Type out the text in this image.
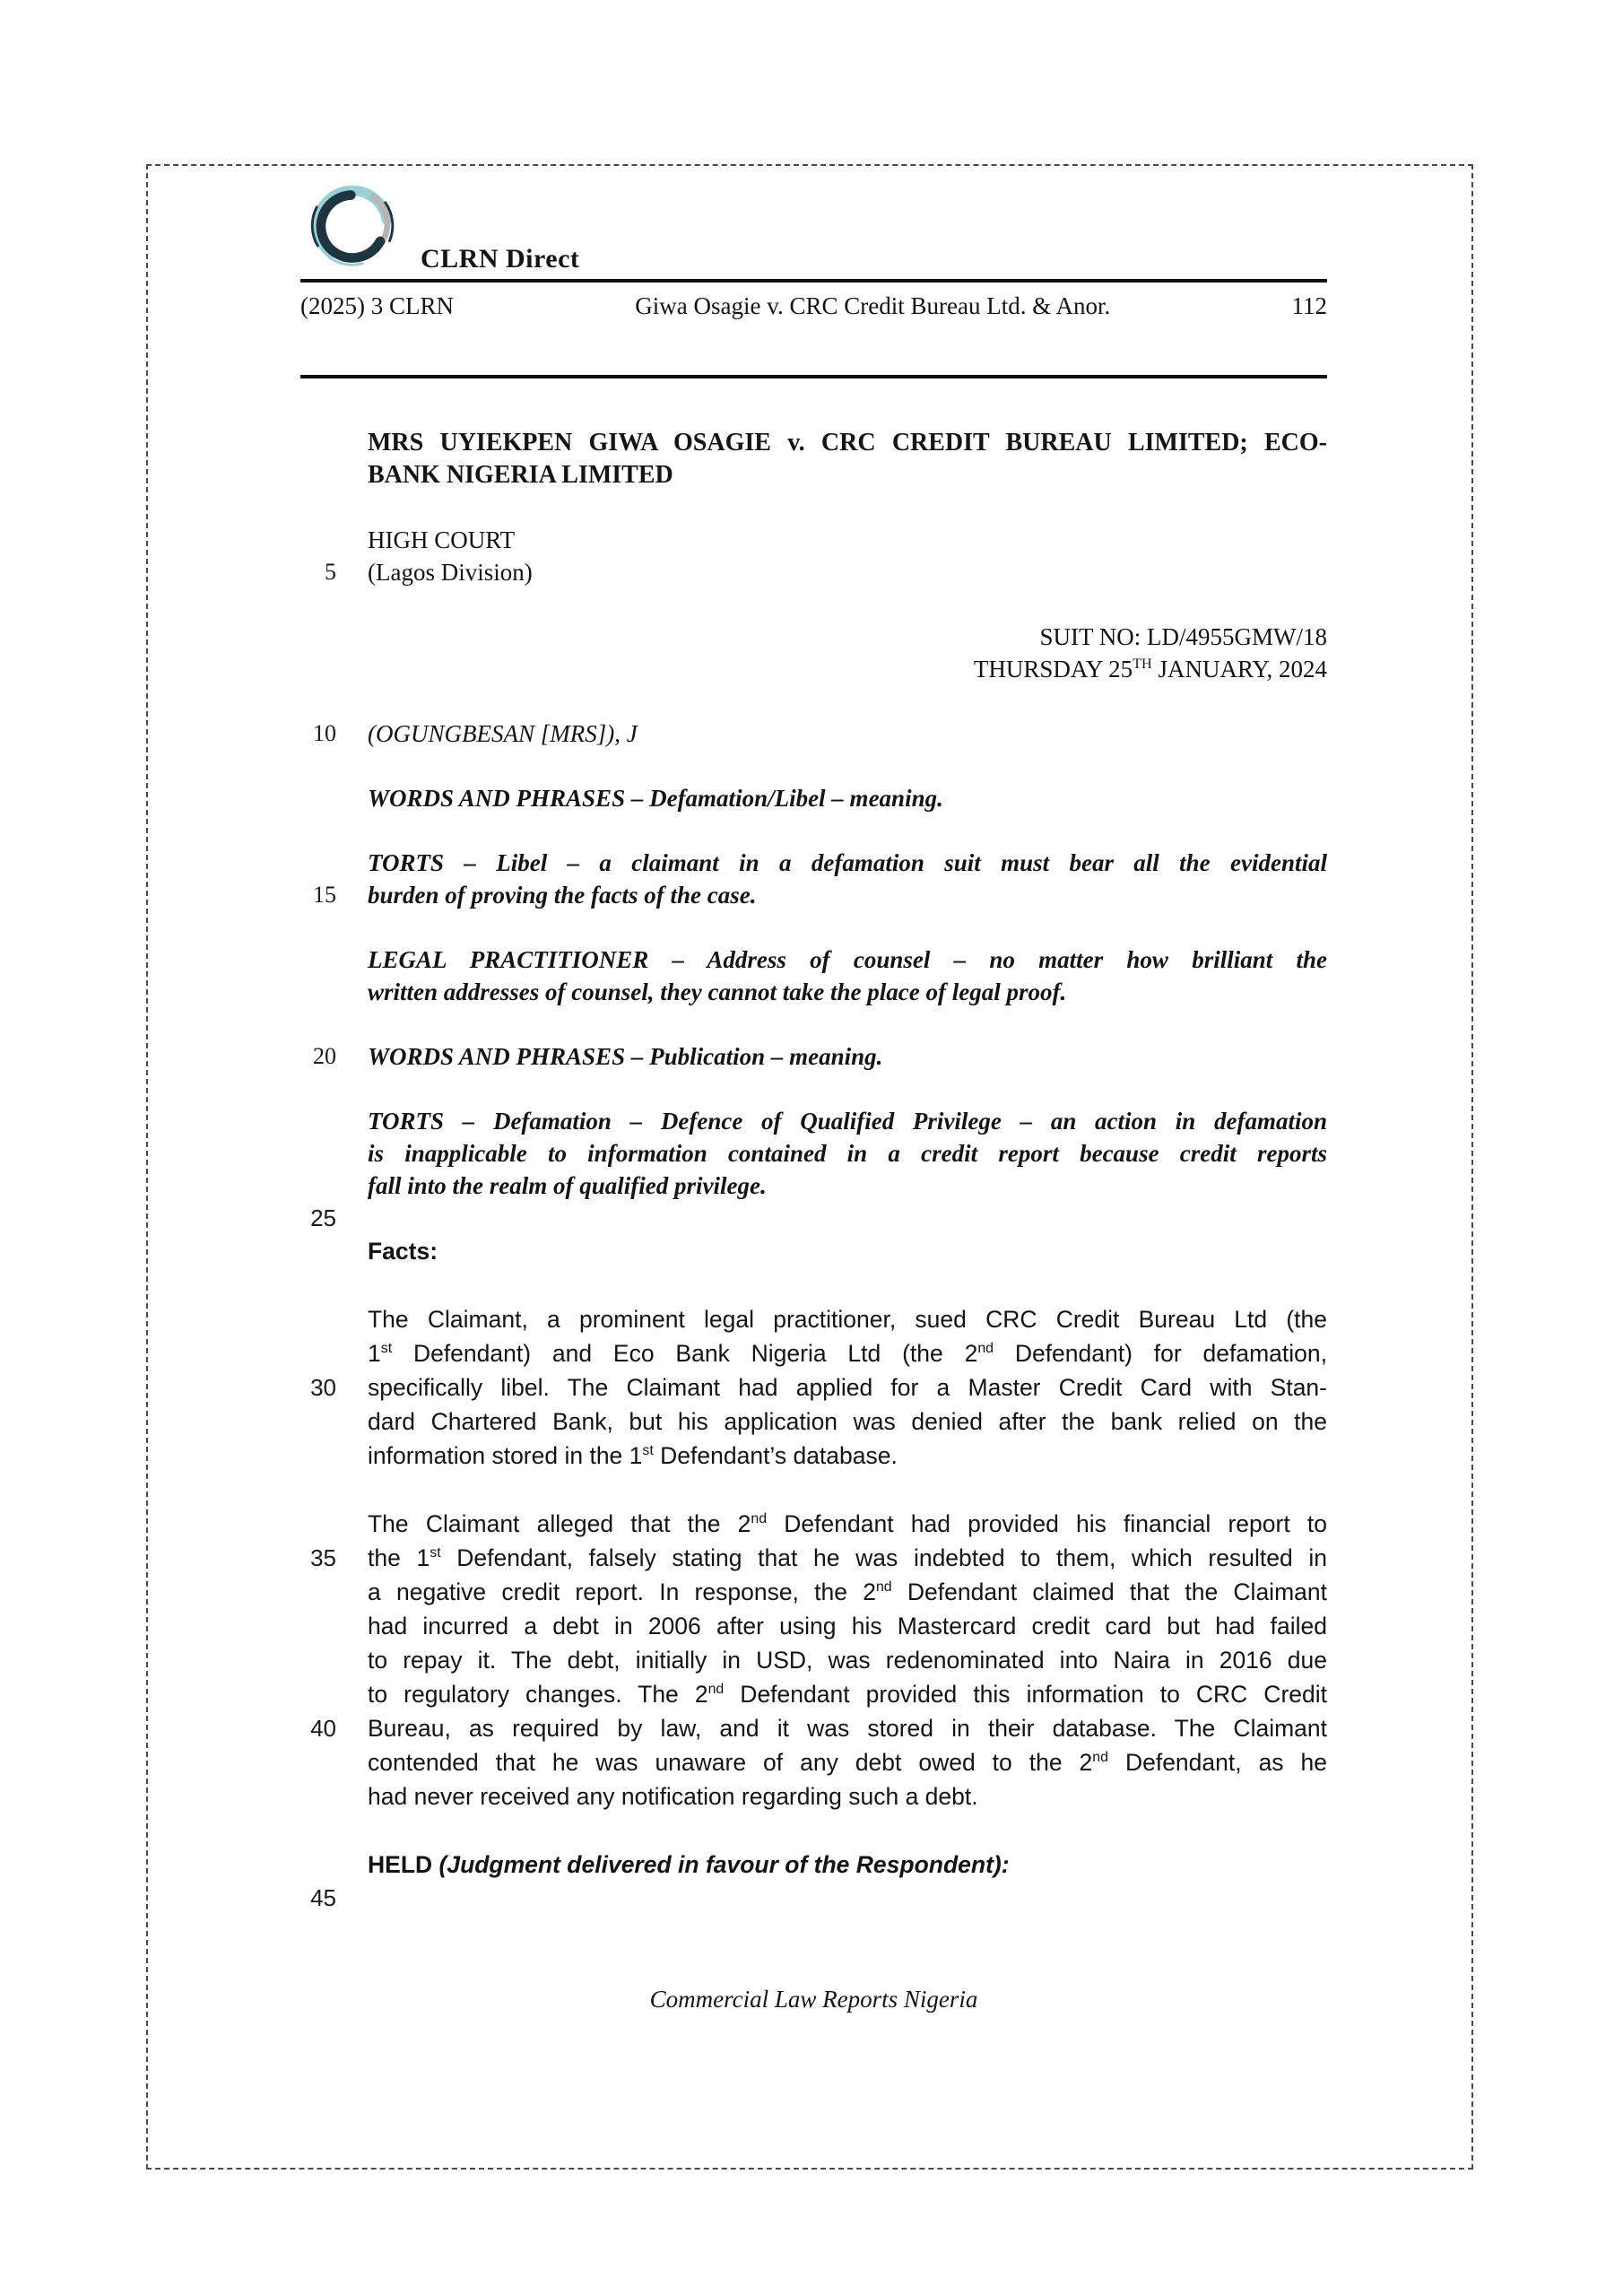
CLRN Direct
(2025) 3 CLRN	Giwa Osagie v. CRC Credit Bureau Ltd. & Anor.	112
MRS UYIEKPEN GIWA OSAGIE v. CRC CREDIT BUREAU LIMITED; ECO-
BANK NIGERIA LIMITED
HIGH COURT
5 (Lagos Division)
SUIT NO: LD/4955GMW/18
THURSDAY 25TH JANUARY, 2024
10 (OGUNGBESAN [MRS]), J
WORDS AND PHRASES – Defamation/Libel – meaning.
TORTS – Libel – a claimant in a defamation suit must bear all the evidential
15 burden of proving the facts of the case.
LEGAL PRACTITIONER – Address of counsel – no matter how brilliant the
written addresses of counsel, they cannot take the place of legal proof.
20 WORDS AND PHRASES – Publication – meaning.
TORTS – Defamation – Defence of Qualified Privilege – an action in defamation
is inapplicable to information contained in a credit report because credit reports
fall into the realm of qualified privilege.
25

Facts:
The Claimant, a prominent legal practitioner, sued CRC Credit Bureau Ltd (the
1st Defendant) and Eco Bank Nigeria Ltd (the 2nd Defendant) for defamation,
30 specifically libel. The Claimant had applied for a Master Credit Card with Stan-
dard Chartered Bank, but his application was denied after the bank relied on the
information stored in the 1st Defendant’s database.
The Claimant alleged that the 2nd Defendant had provided his financial report to
35 the 1st Defendant, falsely stating that he was indebted to them, which resulted in
a negative credit report. In response, the 2nd Defendant claimed that the Claimant
had incurred a debt in 2006 after using his Mastercard credit card but had failed
to repay it. The debt, initially in USD, was redenominated into Naira in 2016 due
to regulatory changes. The 2nd Defendant provided this information to CRC Credit
40 Bureau, as required by law, and it was stored in their database. The Claimant
contended that he was unaware of any debt owed to the 2nd Defendant, as he
had never received any notification regarding such a debt.
HELD (Judgment delivered in favour of the Respondent):
45

Commercial Law Reports Nigeria
